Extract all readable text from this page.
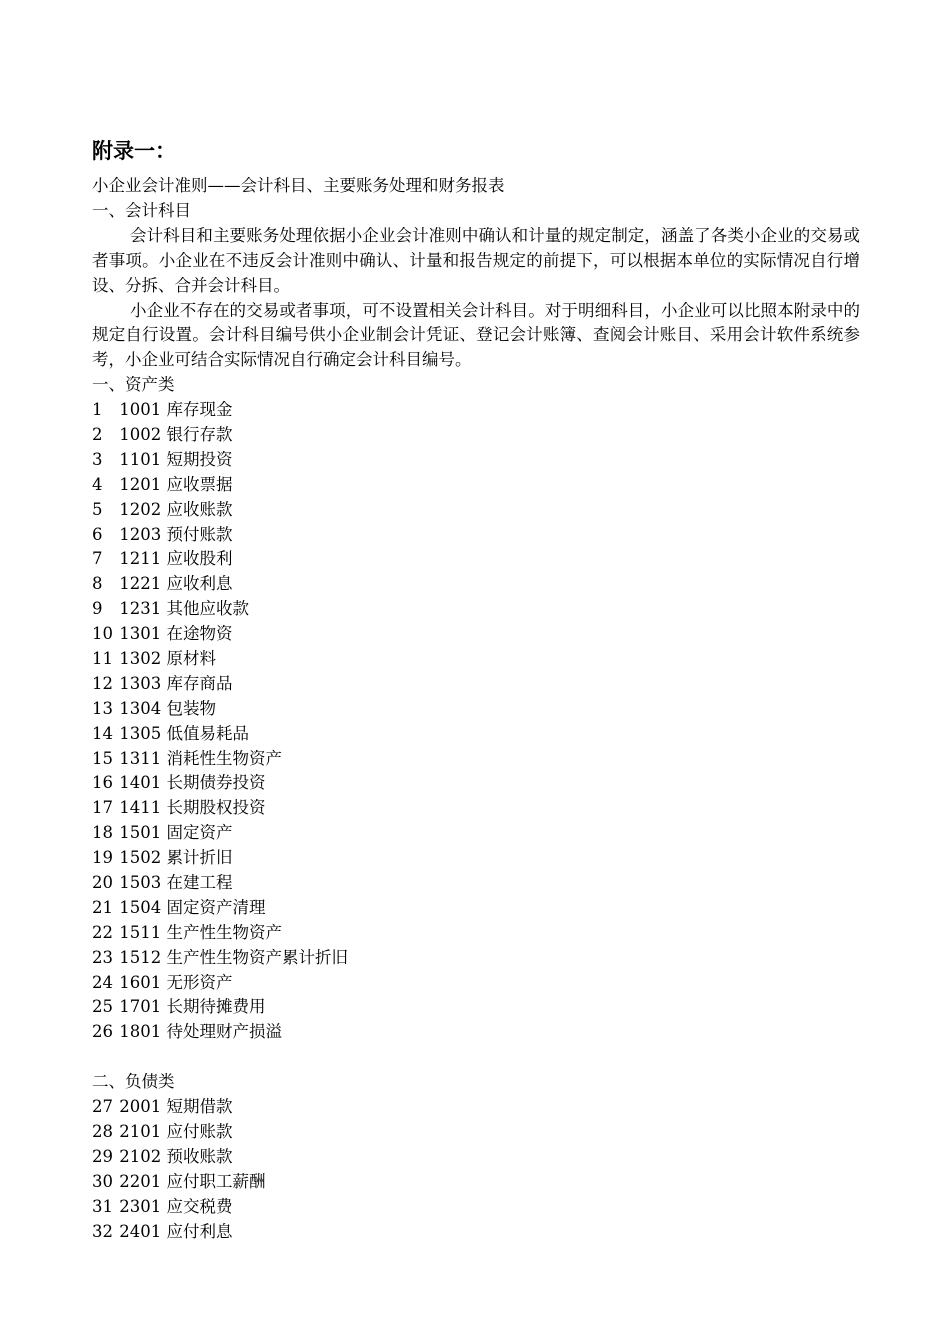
附录一：
小企业会计准则——会计科目、主要账务处理和财务报表
一、会计科目
会计科目和主要账务处理依据小企业会计准则中确认和计量的规定制定，涵盖了各类小企业的交易或者事项。小企业在不违反会计准则中确认、计量和报告规定的前提下，可以根据本单位的实际情况自行增设、分拆、合并会计科目。
小企业不存在的交易或者事项，可不设置相关会计科目。对于明细科目，小企业可以比照本附录中的规定自行设置。会计科目编号供小企业制会计凭证、登记会计账簿、查阅会计账目、采用会计软件系统参考，小企业可结合实际情况自行确定会计科目编号。
一、资产类
1 1001 库存现金
2 1002 银行存款
3 1101 短期投资
4 1201 应收票据
5 1202 应收账款
6 1203 预付账款
7 1211 应收股利
8 1221 应收利息
9 1231 其他应收款
10 1301 在途物资
11 1302 原材料
12 1303 库存商品
13 1304 包装物
14 1305 低值易耗品
15 1311 消耗性生物资产
16 1401 长期债券投资
17 1411 长期股权投资
18 1501 固定资产
19 1502 累计折旧
20 1503 在建工程
21 1504 固定资产清理
22 1511 生产性生物资产
23 1512 生产性生物资产累计折旧
24 1601 无形资产
25 1701 长期待摊费用
26 1801 待处理财产损溢
二、负债类
27 2001 短期借款
28 2101 应付账款
29 2102 预收账款
30 2201 应付职工薪酬
31 2301 应交税费
32 2401 应付利息
